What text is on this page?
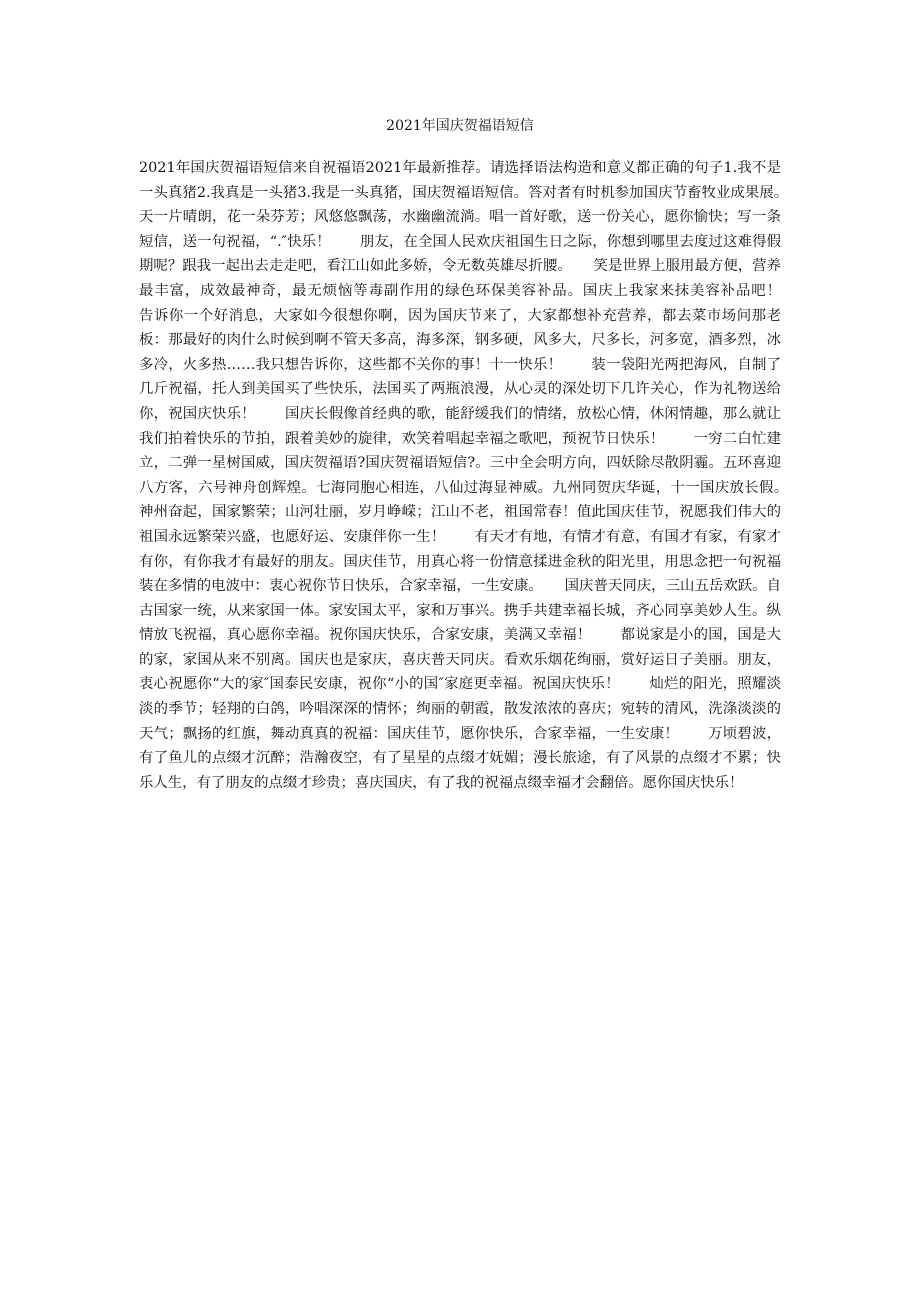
2021年国庆贺福语短信

2021年国庆贺福语短信来自祝福语2021年最新推荐。请选择语法构造和意义都正确的句子1.我不是一头真猪2.我真是一头猪3.我是一头真猪，国庆贺福语短信。答对者有时机参加国庆节畜牧业成果展。　　天一片晴朗，花一朵芬芳；风悠悠飘荡，水幽幽流淌。唱一首好歌，送一份关心，愿你愉快；写一条短信，送一句祝福，“.″快乐！　　朋友，在全国人民欢庆祖国生日之际，你想到哪里去度过这难得假期呢？跟我一起出去走走吧，看江山如此多娇，令无数英雄尽折腰。　　笑是世界上服用最方便，营养最丰富，成效最神奇，最无烦恼等毒副作用的绿色环保美容补品。国庆上我家来抹美容补品吧！　　告诉你一个好消息，大家如今很想你啊，因为国庆节来了，大家都想补充营养，都去菜市场问那老板：那最好的肉什么时候到啊不管天多高，海多深，钢多硬，风多大，尺多长，河多宽，酒多烈，冰多冷，火多热……我只想告诉你，这些都不关你的事！十一快乐！　　装一袋阳光两把海风，自制了几斤祝福，托人到美国买了些快乐，法国买了两瓶浪漫，从心灵的深处切下几许关心，作为礼物送给你，祝国庆快乐！　　国庆长假像首经典的歌，能舒缓我们的情绪，放松心情，休闲情趣，那么就让我们拍着快乐的节拍，跟着美妙的旋律，欢笑着唱起幸福之歌吧，预祝节日快乐！　　一穷二白忙建立，二弹一星树国威，国庆贺福语?国庆贺福语短信?。三中全会明方向，四妖除尽散阴霾。五环喜迎八方客，六号神舟创辉煌。七海同胞心相连，八仙过海显神威。九州同贺庆华诞，十一国庆放长假。　　神州奋起，国家繁荣；山河壮丽，岁月峥嵘；江山不老，祖国常春！值此国庆佳节，祝愿我们伟大的祖国永远繁荣兴盛，也愿好运、安康伴你一生！　　有天才有地，有情才有意，有国才有家，有家才有你，有你我才有最好的朋友。国庆佳节，用真心将一份情意揉进金秋的阳光里，用思念把一句祝福装在多情的电波中：衷心祝你节日快乐，合家幸福，一生安康。　　国庆普天同庆，三山五岳欢跃。自古国家一统，从来家国一体。家安国太平，家和万事兴。携手共建幸福长城，齐心同享美妙人生。纵情放飞祝福，真心愿你幸福。祝你国庆快乐，合家安康，美满又幸福！　　都说家是小的国，国是大的家，家国从来不别离。国庆也是家庆，喜庆普天同庆。看欢乐烟花绚丽，赏好运日子美丽。朋友，衷心祝愿你“大的家″国泰民安康，祝你“小的国″家庭更幸福。祝国庆快乐！　　灿烂的阳光，照耀淡淡的季节；轻翔的白鸽，吟唱深深的情怀；绚丽的朝霞，散发浓浓的喜庆；宛转的清风，洗涤淡淡的天气；飘扬的红旗，舞动真真的祝福：国庆佳节，愿你快乐，合家幸福，一生安康！　　万顷碧波，有了鱼儿的点缀才沉醉；浩瀚夜空，有了星星的点缀才妩媚；漫长旅途，有了风景的点缀才不累；快乐人生，有了朋友的点缀才珍贵；喜庆国庆，有了我的祝福点缀幸福才会翻倍。愿你国庆快乐！
